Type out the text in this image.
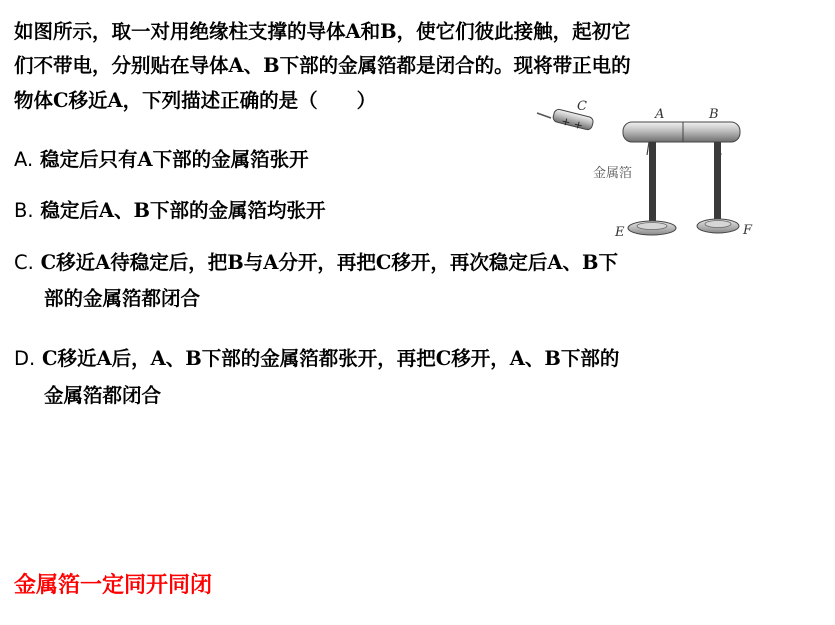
如图所示，取一对用绝缘柱支撑的导体A和B，使它们彼此接触，起初它
们不带电，分别贴在导体A、B下部的金属箔都是闭合的。现将带正电的
物体C移近A，下列描述正确的是（　　）
A. 稳定后只有A下部的金属箔张开
B. 稳定后A、B下部的金属箔均张开
C. C移近A待稳定后，把B与A分开，再把C移开，再次稳定后A、B下
部的金属箔都闭合
D. C移近A后，A、B下部的金属箔都张开，再把C移开，A、B下部的
金属箔都闭合
+ +
C
A	B
金属箔
E	F
金属箔一定同开同闭
